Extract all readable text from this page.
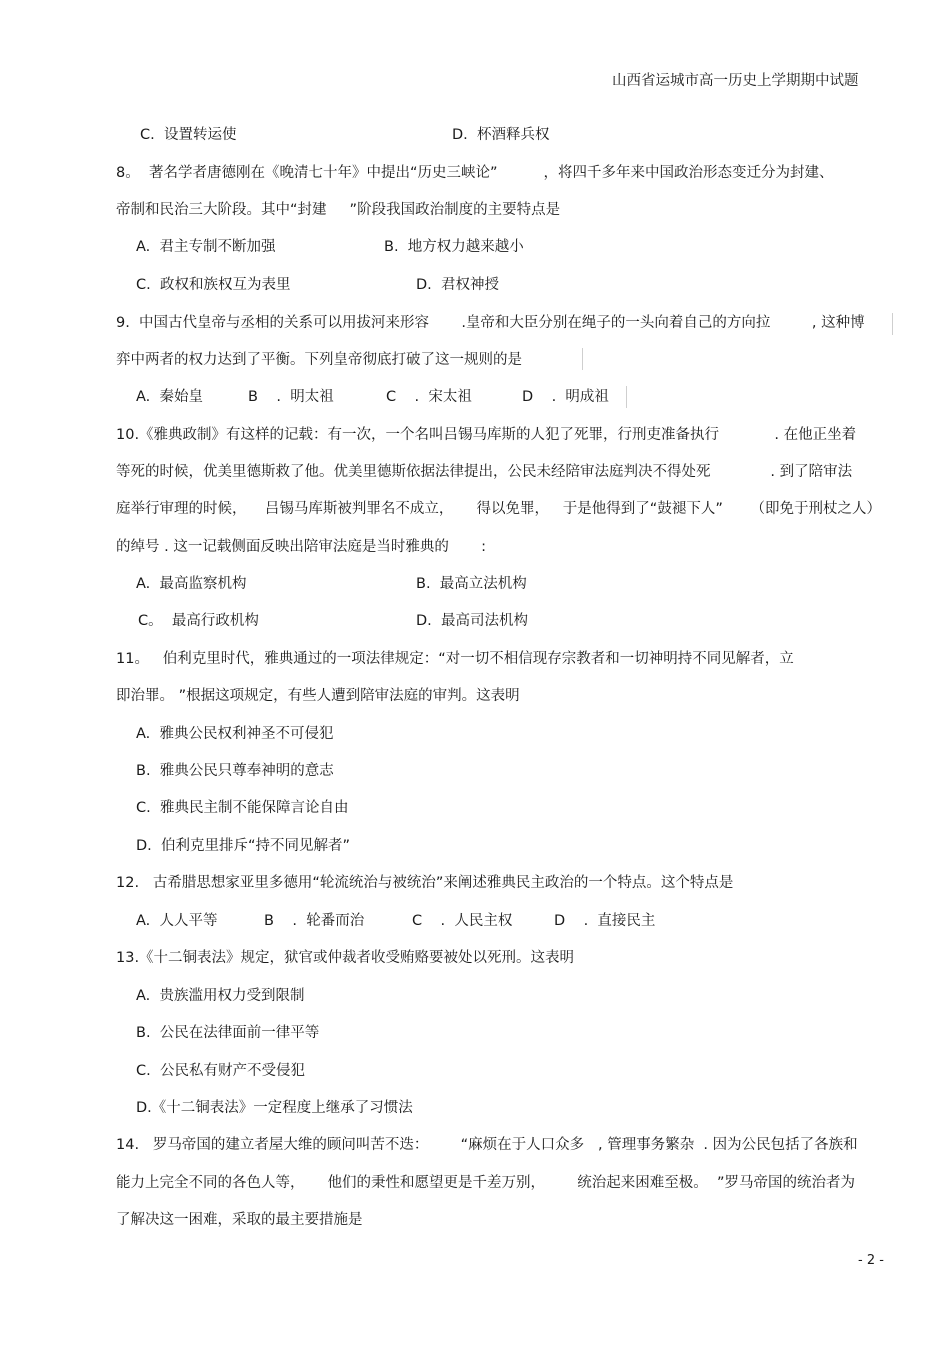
山西省运城市高一历史上学期期中试题
C.  设置转运使	D.  杯酒释兵权
8。  著名学者唐德刚在《晚清七十年》中提出“历史三峡论”          ，将四千多年来中国政治形态变迁分为封建、
帝制和民治三大阶段。其中“封建     ”阶段我国政治制度的主要特点是
A.  君主专制不断加强	B.  地方权力越来越小
C.  政权和族权互为表里	D.  君权神授
9.  中国古代皇帝与丞相的关系可以用拔河来形容       .皇帝和大臣分别在绳子的一头向着自己的方向拉         , 这种博
弈中两者的权力达到了平衡。下列皇帝彻底打破了这一规则的是
A.  秦始皇	B    .  明太祖	C    .  宋太祖	D    .  明成祖
10.《雅典政制》有这样的记载：有一次，一个名叫吕锡马库斯的人犯了死罪，行刑吏准备执行            . 在他正坐着
等死的时候，优美里德斯救了他。优美里德斯依据法律提出，公民未经陪审法庭判决不得处死             . 到了陪审法
庭举行审理的时候，    吕锡马库斯被判罪名不成立，     得以免罪，   于是他得到了“鼓褪下人”      （即免于刑杖之人）
的绰号 . 这一记载侧面反映出陪审法庭是当时雅典的       :
A.  最高监察机构	B.  最高立法机构
C。  最高行政机构	D.  最高司法机构
11。   伯利克里时代，雅典通过的一项法律规定：“对一切不相信现存宗教者和一切神明持不同见解者，立
即治罪。 ”根据这项规定，有些人遭到陪审法庭的审判。这表明
A.  雅典公民权利神圣不可侵犯
B.  雅典公民只尊奉神明的意志
C.  雅典民主制不能保障言论自由
D.  伯利克里排斥“持不同见解者”
12.   古希腊思想家亚里多德用“轮流统治与被统治”来阐述雅典民主政治的一个特点。这个特点是
A.  人人平等	B    .  轮番而治	C    .  人民主权	D    .  直接民主
13.《十二铜表法》规定，狱官或仲裁者收受贿赂要被处以死刑。这表明
A.  贵族滥用权力受到限制
B.  公民在法律面前一律平等
C.  公民私有财产不受侵犯
D.《十二铜表法》一定程度上继承了习惯法
14.   罗马帝国的建立者屋大维的顾问叫苦不迭：       “麻烦在于人口众多   , 管理事务繁杂  . 因为公民包括了各族和
能力上完全不同的各色人等，     他们的秉性和愿望更是千差万别，       统治起来困难至极。  ”罗马帝国的统治者为
了解决这一困难，采取的最主要措施是
- 2 -
